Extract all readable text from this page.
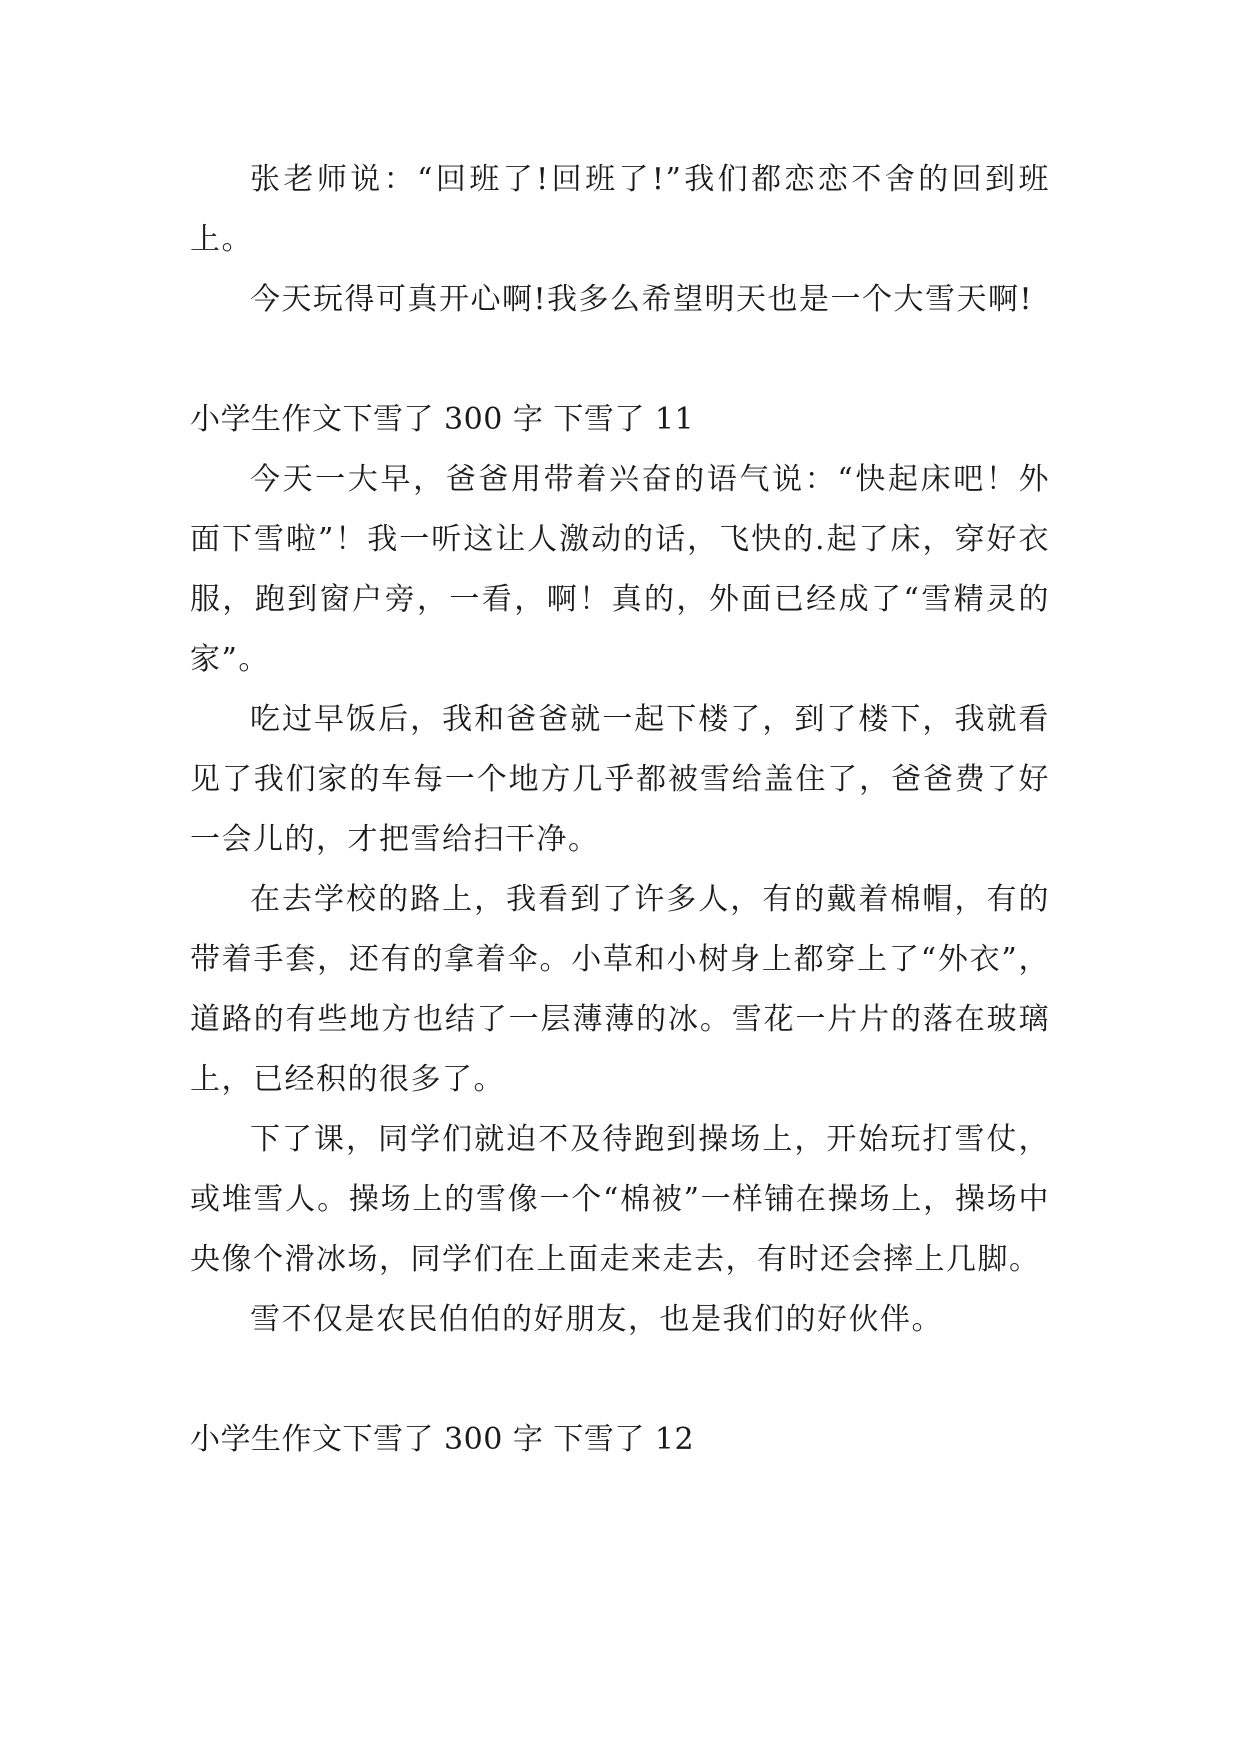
张老师说：“回班了!回班了!”我们都恋恋不舍的回到班上。

今天玩得可真开心啊!我多么希望明天也是一个大雪天啊!

小学生作文下雪了 300 字 下雪了 11

今天一大早，爸爸用带着兴奋的语气说：“快起床吧！外面下雪啦”！我一听这让人激动的话，飞快的.起了床，穿好衣服，跑到窗户旁，一看，啊！真的，外面已经成了“雪精灵的家”。

吃过早饭后，我和爸爸就一起下楼了，到了楼下，我就看见了我们家的车每一个地方几乎都被雪给盖住了，爸爸费了好一会儿的，才把雪给扫干净。

在去学校的路上，我看到了许多人，有的戴着棉帽，有的带着手套，还有的拿着伞。小草和小树身上都穿上了“外衣”，道路的有些地方也结了一层薄薄的冰。雪花一片片的落在玻璃上，已经积的很多了。

下了课，同学们就迫不及待跑到操场上，开始玩打雪仗，或堆雪人。操场上的雪像一个“棉被”一样铺在操场上，操场中央像个滑冰场，同学们在上面走来走去，有时还会摔上几脚。

雪不仅是农民伯伯的好朋友，也是我们的好伙伴。

小学生作文下雪了 300 字 下雪了 12
